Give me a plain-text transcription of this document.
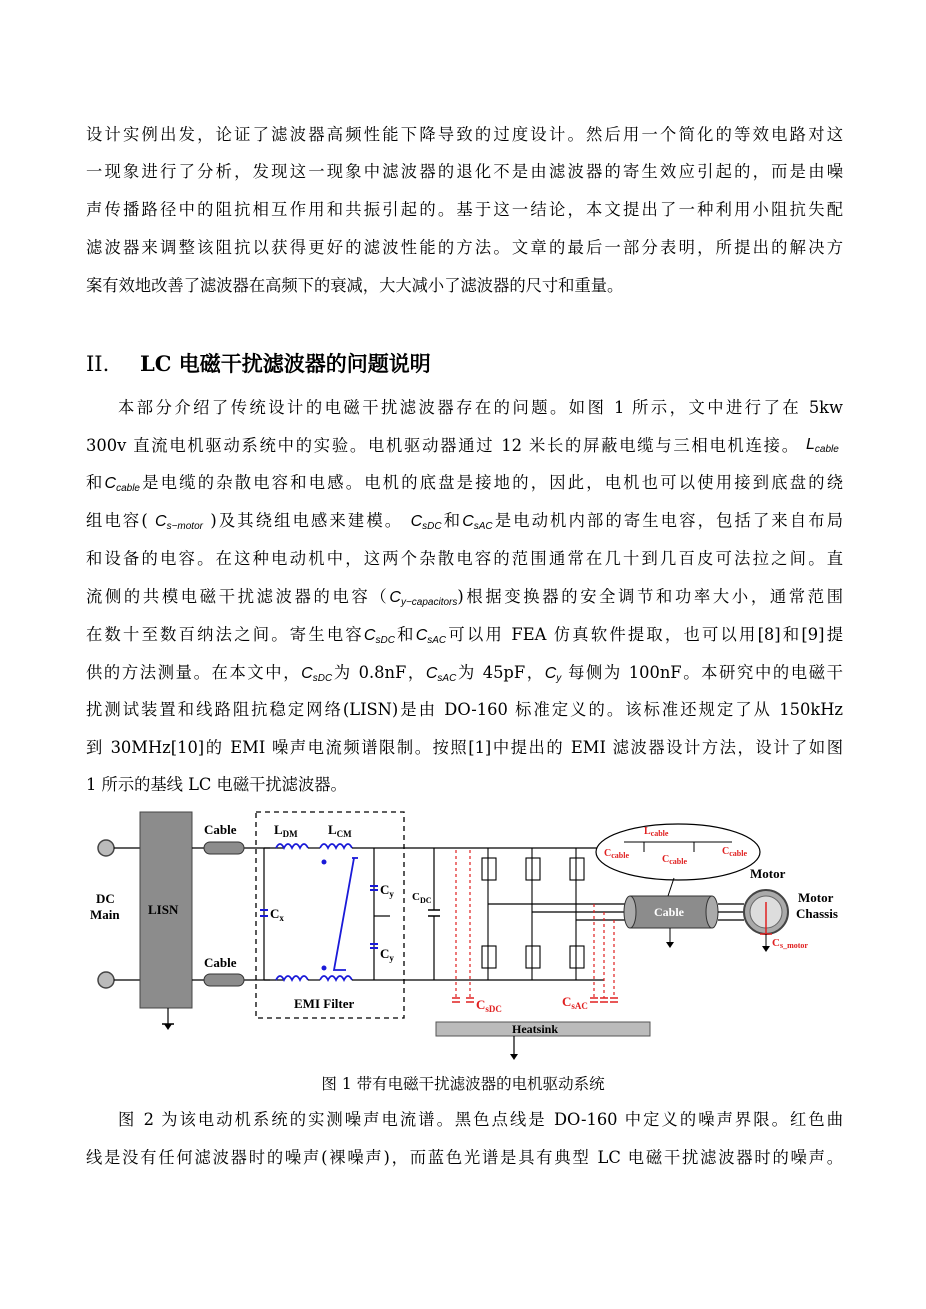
设计实例出发，论证了滤波器高频性能下降导致的过度设计。然后用一个简化的等效电路对这
一现象进行了分析，发现这一现象中滤波器的退化不是由滤波器的寄生效应引起的，而是由噪
声传播路径中的阻抗相互作用和共振引起的。基于这一结论，本文提出了一种利用小阻抗失配
滤波器来调整该阻抗以获得更好的滤波性能的方法。文章的最后一部分表明，所提出的解决方
案有效地改善了滤波器在高频下的衰减，大大减小了滤波器的尺寸和重量。
II. LC 电磁干扰滤波器的问题说明
本部分介绍了传统设计的电磁干扰滤波器存在的问题。如图 1 所示，文中进行了在 5kw
300v 直流电机驱动系统中的实验。电机驱动器通过 12 米长的屏蔽电缆与三相电机连接。 $L_{cable}$
和$C_{cable}$是电缆的杂散电容和电感。电机的底盘是接地的，因此，电机也可以使用接到底盘的绕
组电容( $C_{s-motor}$ )及其绕组电感来建模。 $C_{sDC}$和$C_{sAC}$是电动机内部的寄生电容，包括了来自布局
和设备的电容。在这种电动机中，这两个杂散电容的范围通常在几十到几百皮可法拉之间。直
流侧的共模电磁干扰滤波器的电容$(C_{y-capacitors})$根据变换器的安全调节和功率大小，通常范围
在数十至数百纳法之间。寄生电容$C_{sDC}$和$C_{sAC}$可以用 FEA 仿真软件提取，也可以用[8]和[9]提
供的方法测量。在本文中，$C_{sDC}$为 0.8nF，$C_{sAC}$为 45pF，$C_y$ 每侧为 100nF。本研究中的电磁干
扰测试装置和线路阻抗稳定网络(LISN)是由 DO-160 标准定义的。该标准还规定了从 150kHz
到 30MHz[10]的 EMI 噪声电流频谱限制。按照[1]中提出的 EMI 滤波器设计方法，设计了如图
1 所示的基线 LC 电磁干扰滤波器。
DC
Main LISN
Cable
Cable
EMI Filter
$C_x$
$L_{DM}$ $L_{CM}$
$C_y$
$C_y$
$C_{DC}$
$C_{sDC}$	$C_{sAC}$
Heatsink
Cable
$L_{cable}$
$C_{cable}$	$C_{cable}$
$C_{cable}$
Motor
Motor
Chassis
Cs_motor
图 1 带有电磁干扰滤波器的电机驱动系统
图 2 为该电动机系统的实测噪声电流谱。黑色点线是 DO-160 中定义的噪声界限。红色曲
线是没有任何滤波器时的噪声(裸噪声)，而蓝色光谱是具有典型 LC 电磁干扰滤波器时的噪声。
